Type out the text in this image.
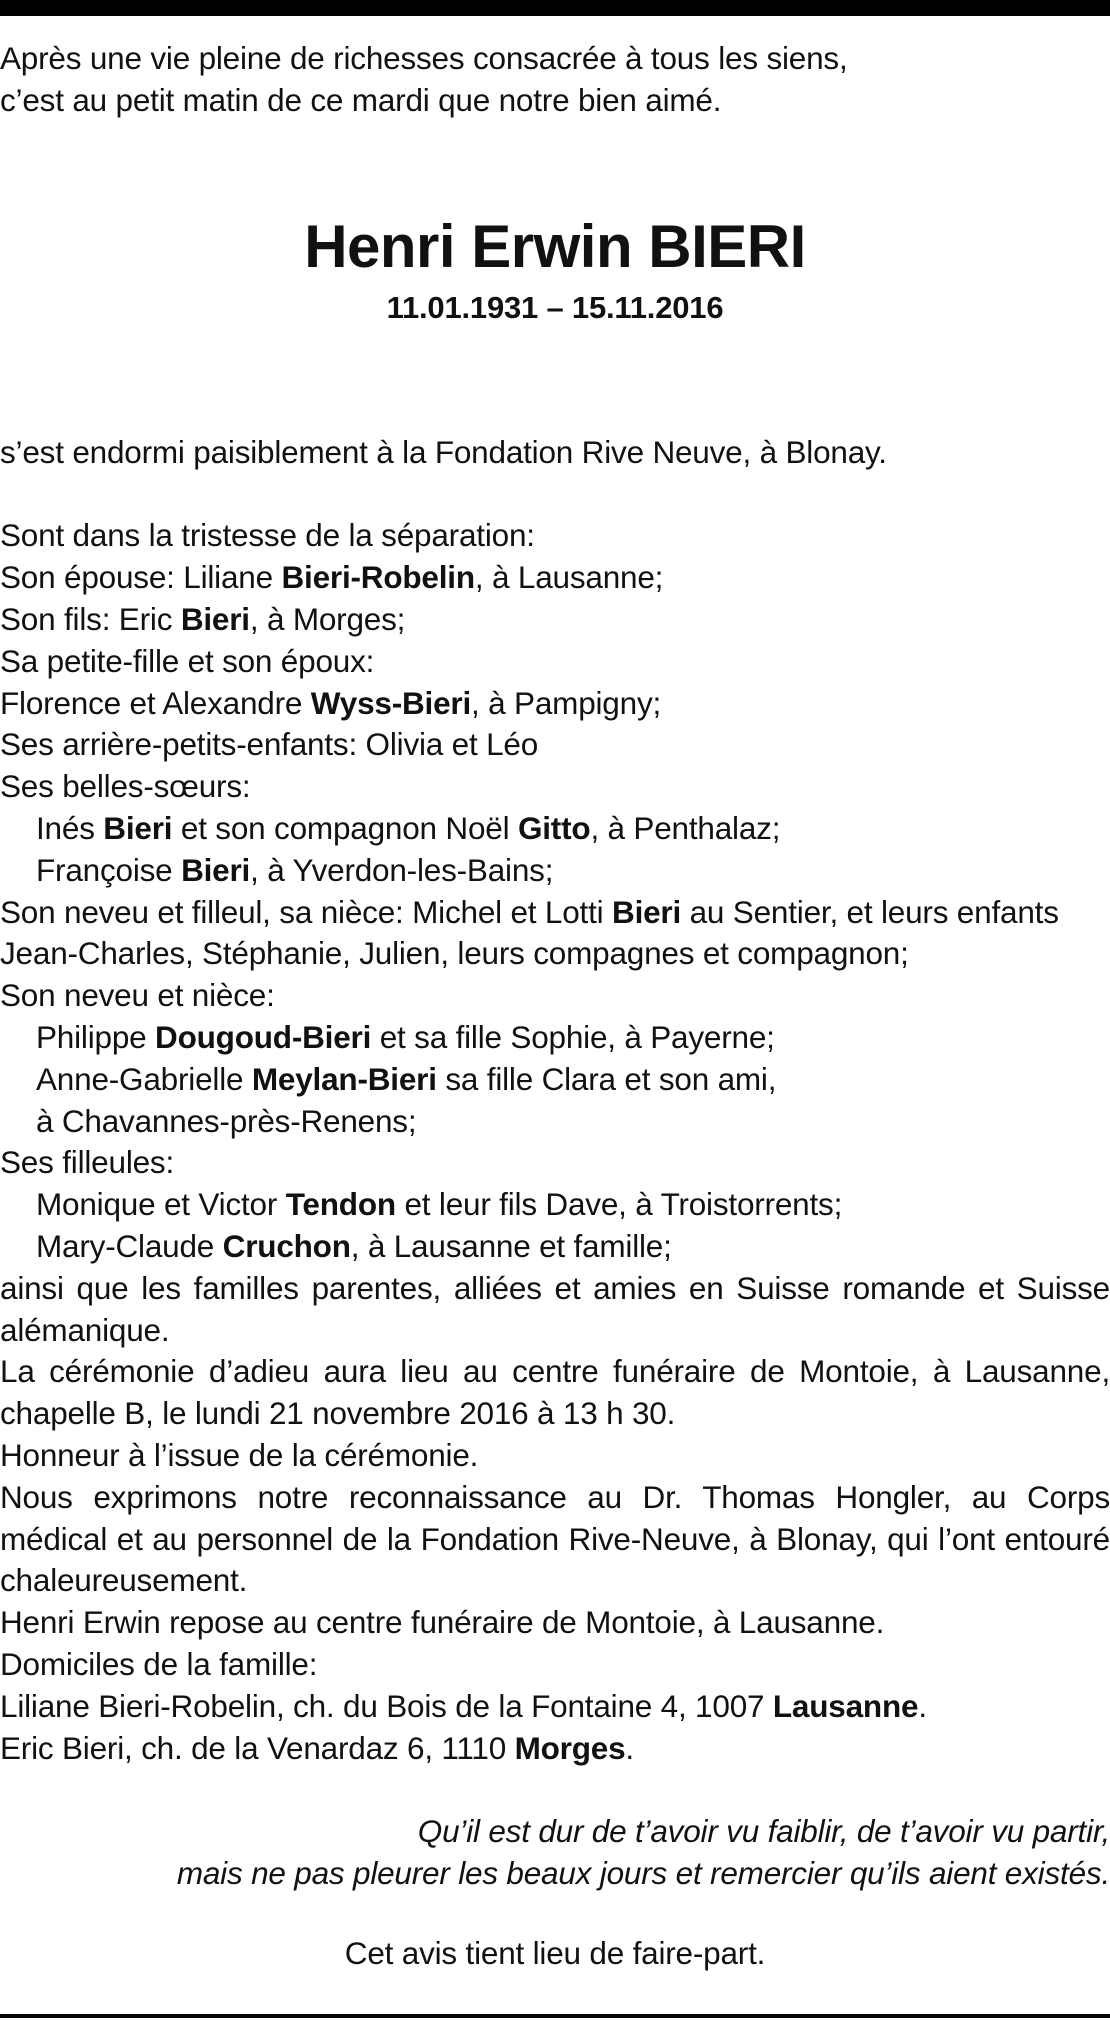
Après une vie pleine de richesses consacrée à tous les siens,
c’est au petit matin de ce mardi que notre bien aimé.
Henri Erwin BIERI
11.01.1931 – 15.11.2016
s’est endormi paisiblement à la Fondation Rive Neuve, à Blonay.
Sont dans la tristesse de la séparation:
Son épouse: Liliane Bieri-Robelin, à Lausanne;
Son fils: Eric Bieri, à Morges;
Sa petite-fille et son époux:
Florence et Alexandre Wyss-Bieri, à Pampigny;
Ses arrière-petits-enfants: Olivia et Léo
Ses belles-sœurs:
Inés Bieri et son compagnon Noël Gitto, à Penthalaz;
Françoise Bieri, à Yverdon-les-Bains;
Son neveu et filleul, sa nièce: Michel et Lotti Bieri au Sentier, et leurs enfants
Jean-Charles, Stéphanie, Julien, leurs compagnes et compagnon;
Son neveu et nièce:
Philippe Dougoud-Bieri et sa fille Sophie, à Payerne;
Anne-Gabrielle Meylan-Bieri sa fille Clara et son ami,
à Chavannes-près-Renens;
Ses filleules:
Monique et Victor Tendon et leur fils Dave, à Troistorrents;
Mary-Claude Cruchon, à Lausanne et famille;
ainsi que les familles parentes, alliées et amies en Suisse romande et Suisse alémanique.
La cérémonie d’adieu aura lieu au centre funéraire de Montoie, à Lausanne, chapelle B, le lundi 21 novembre 2016 à 13 h 30.
Honneur à l’issue de la cérémonie.
Nous exprimons notre reconnaissance au Dr. Thomas Hongler, au Corps médical et au personnel de la Fondation Rive-Neuve, à Blonay, qui l’ont entouré chaleureusement.
Henri Erwin repose au centre funéraire de Montoie, à Lausanne.
Domiciles de la famille:
Liliane Bieri-Robelin, ch. du Bois de la Fontaine 4, 1007 Lausanne.
Eric Bieri, ch. de la Venardaz 6, 1110 Morges.
Qu’il est dur de t’avoir vu faiblir, de t’avoir vu partir,
mais ne pas pleurer les beaux jours et remercier qu’ils aient existés.
Cet avis tient lieu de faire-part.
